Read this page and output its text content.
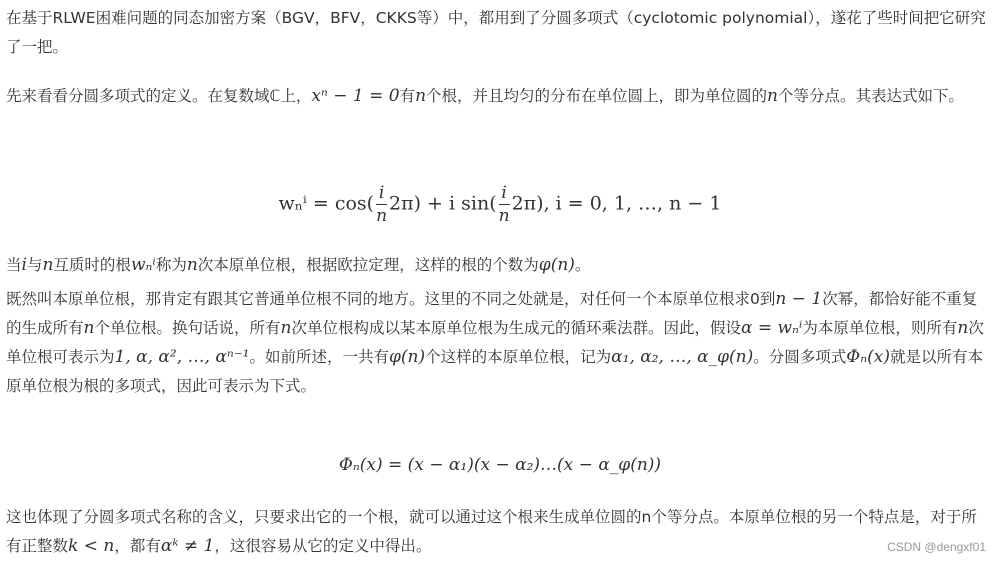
在基于RLWE困难问题的同态加密方案（BGV，BFV，CKKS等）中，都用到了分圆多项式（cyclotomic polynomial），遂花了些时间把它研究了一把。

先来看看分圆多项式的定义。在复数域ℂ上，xⁿ − 1 = 0有n个根，并且均匀的分布在单位圆上，即为单位圆的n个等分点。其表达式如下。

$w_n^i = \cos( \frac{i}{n} 2\pi) + i$ $\sin( \frac{i}{n} 2\pi)$, i = 0, 1, …, n − 1

当i与n互质时的根wₙⁱ称为n次本原单位根，根据欧拉定理，这样的根的个数为φ(n)。

既然叫本原单位根，那肯定有跟其它普通单位根不同的地方。这里的不同之处就是，对任何一个本原单位根求0到n − 1次幂，都恰好能不重复的生成所有n个单位根。换句话说，所有n次单位根构成以某本原单位根为生成元的循环乘法群。因此，假设α = wₙⁱ为本原单位根，则所有n次单位根可表示为1, α, α², …, αⁿ⁻¹。如前所述，一共有φ(n)个这样的本原单位根，记为α₁, α₂, …, α_φ(n)。分圆多项式Φₙ(x)就是以所有本原单位根为根的多项式，因此可表示为下式。

Φₙ(x) = (x − α₁)(x − α₂)…(x − α_φ(n))

这也体现了分圆多项式名称的含义，只要求出它的一个根，就可以通过这个根来生成单位圆的n个等分点。本原单位根的另一个特点是，对于所有正整数k < n，都有αᵏ ≠ 1，这很容易从它的定义中得出。	CSDN @dengxf01
